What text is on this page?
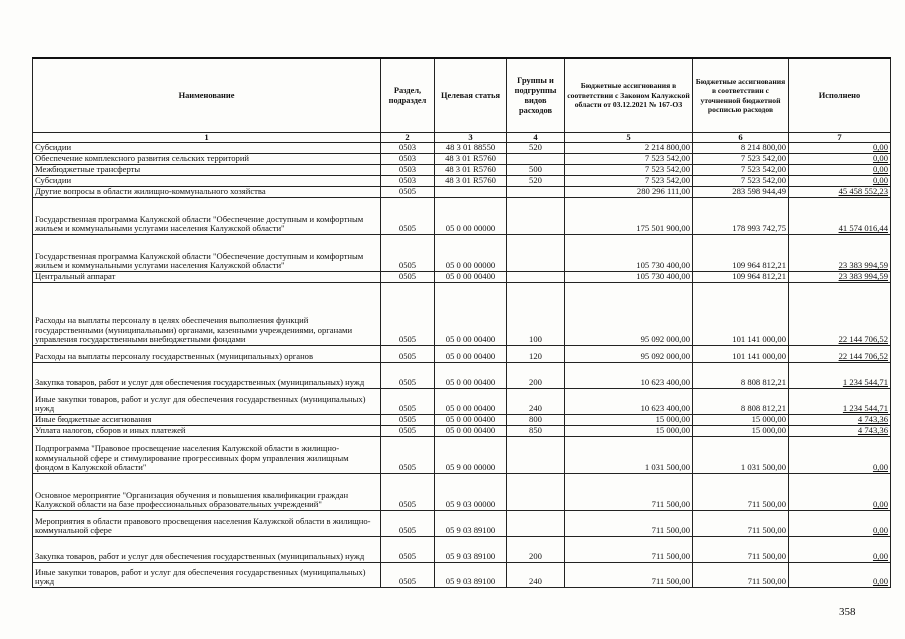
Наименование	Раздел, подраздел	Целевая статья	Группы и подгруппы видов расходов	Бюджетные ассигнования в соответствии с Законом Калужской области от 03.12.2021 № 167-ОЗ	Бюджетные ассигнования в соответствии с уточненной бюджетной росписью расходов	Исполнено
1	2	3	4	5	6	7
Субсидии	0503	48 3 01 88550	520	2 214 800,00	8 214 800,00	0,00
Обеспечение комплексного развития сельских территорий	0503	48 3 01 R5760		7 523 542,00	7 523 542,00	0,00
Межбюджетные трансферты	0503	48 3 01 R5760	500	7 523 542,00	7 523 542,00	0,00
Субсидии	0503	48 3 01 R5760	520	7 523 542,00	7 523 542,00	0,00
Другие вопросы в области жилищно-коммунального хозяйства	0505			280 296 111,00	283 598 944,49	45 458 552,23
Государственная программа Калужской области "Обеспечение доступным и комфортным жильем и коммунальными услугами населения Калужской области"	0505	05 0 00 00000		175 501 900,00	178 993 742,75	41 574 016,44
Государственная программа Калужской области "Обеспечение доступным и комфортным жильем и коммунальными услугами населения Калужской области"	0505	05 0 00 00000		105 730 400,00	109 964 812,21	23 383 994,59
Центральный аппарат	0505	05 0 00 00400		105 730 400,00	109 964 812,21	23 383 994,59
Расходы на выплаты персоналу в целях обеспечения выполнения функций государственными (муниципальными) органами, казенными учреждениями, органами управления государственными внебюджетными фондами	0505	05 0 00 00400	100	95 092 000,00	101 141 000,00	22 144 706,52
Расходы на выплаты персоналу государственных (муниципальных) органов	0505	05 0 00 00400	120	95 092 000,00	101 141 000,00	22 144 706,52
Закупка товаров, работ и услуг для обеспечения государственных (муниципальных) нужд	0505	05 0 00 00400	200	10 623 400,00	8 808 812,21	1 234 544,71
Иные закупки товаров, работ и услуг для обеспечения государственных (муниципальных) нужд	0505	05 0 00 00400	240	10 623 400,00	8 808 812,21	1 234 544,71
Иные бюджетные ассигнования	0505	05 0 00 00400	800	15 000,00	15 000,00	4 743,36
Уплата налогов, сборов и иных платежей	0505	05 0 00 00400	850	15 000,00	15 000,00	4 743,36
Подпрограмма "Правовое просвещение населения Калужской области в жилищно-коммунальной сфере и стимулирование прогрессивных форм управления жилищным фондом в Калужской области"	0505	05 9 00 00000		1 031 500,00	1 031 500,00	0,00
Основное мероприятие "Организация обучения и повышения квалификации граждан Калужской области на базе профессиональных образовательных учреждений"	0505	05 9 03 00000		711 500,00	711 500,00	0,00
Мероприятия в области правового просвещения населения Калужской области в жилищно-коммунальной сфере	0505	05 9 03 89100		711 500,00	711 500,00	0,00
Закупка товаров, работ и услуг для обеспечения государственных (муниципальных) нужд	0505	05 9 03 89100	200	711 500,00	711 500,00	0,00
Иные закупки товаров, работ и услуг для обеспечения государственных (муниципальных) нужд	0505	05 9 03 89100	240	711 500,00	711 500,00	0,00
358
